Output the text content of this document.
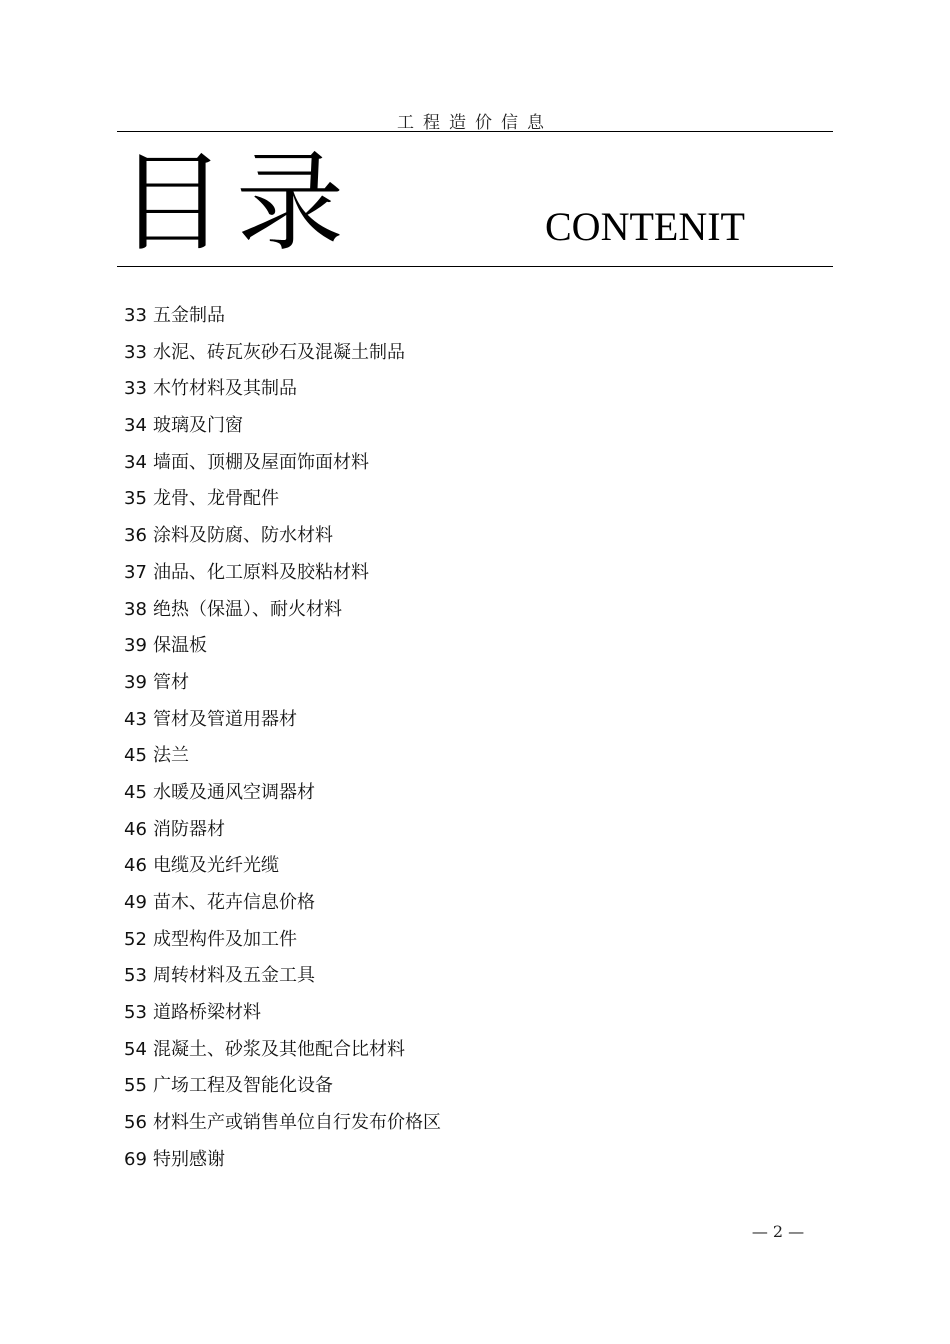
工程造价信息
目录	CONTENIT
33 五金制品
33 水泥、砖瓦灰砂石及混凝土制品
33 木竹材料及其制品
34 玻璃及门窗
34 墙面、顶棚及屋面饰面材料
35 龙骨、龙骨配件
36 涂料及防腐、防水材料
37 油品、化工原料及胶粘材料
38 绝热（保温）、耐火材料
39 保温板
39 管材
43 管材及管道用器材
45 法兰
45 水暖及通风空调器材
46 消防器材
46 电缆及光纤光缆
49 苗木、花卉信息价格
52 成型构件及加工件
53 周转材料及五金工具
53 道路桥梁材料
54 混凝土、砂浆及其他配合比材料
55 广场工程及智能化设备
56 材料生产或销售单位自行发布价格区
69 特别感谢
— 2 —
